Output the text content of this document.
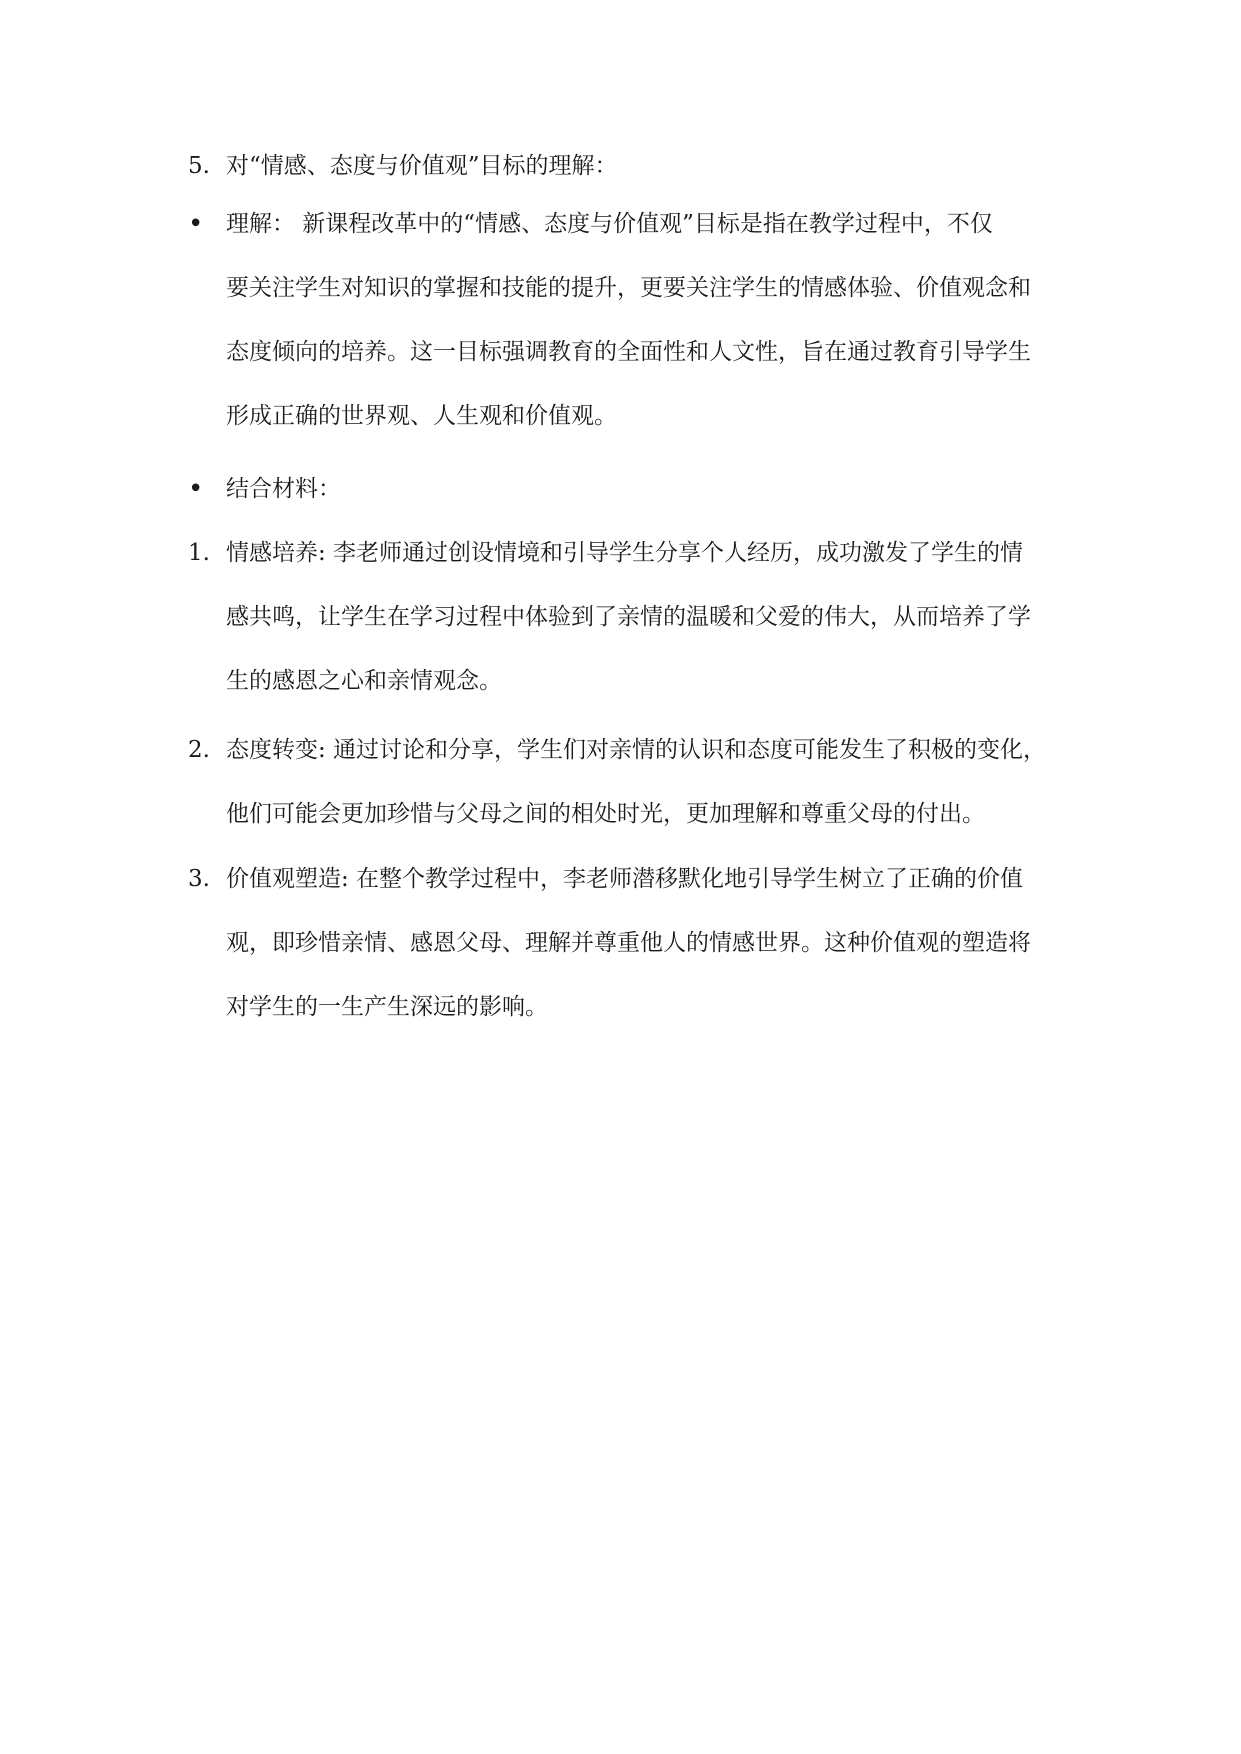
5. 对“情感、态度与价值观”目标的理解：
• 理解： 新课程改革中的“情感、态度与价值观”目标是指在教学过程中，不仅
要关注学生对知识的掌握和技能的提升，更要关注学生的情感体验、价值观念和
态度倾向的培养。这一目标强调教育的全面性和人文性，旨在通过教育引导学生
形成正确的世界观、人生观和价值观。
• 结合材料：
1. 情感培养: 李老师通过创设情境和引导学生分享个人经历，成功激发了学生的情
感共鸣，让学生在学习过程中体验到了亲情的温暖和父爱的伟大，从而培养了学
生的感恩之心和亲情观念。
2. 态度转变: 通过讨论和分享，学生们对亲情的认识和态度可能发生了积极的变化，
他们可能会更加珍惜与父母之间的相处时光，更加理解和尊重父母的付出。
3. 价值观塑造: 在整个教学过程中，李老师潜移默化地引导学生树立了正确的价值
观，即珍惜亲情、感恩父母、理解并尊重他人的情感世界。这种价值观的塑造将
对学生的一生产生深远的影响。
